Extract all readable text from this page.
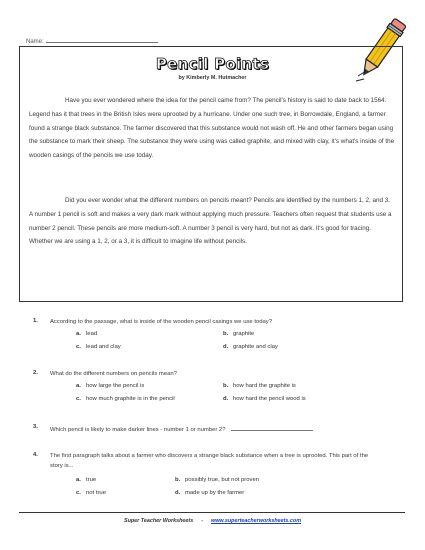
Name:
Pencil Points
by Kimberly M. Hutmacher

Have you ever wondered where the idea for the pencil came from? The pencil's history is said to date back to 1564. Legend has it that trees in the British Isles were uprooted by a hurricane. Under one such tree, in Borrowdale, England, a farmer found a strange black substance. The farmer discovered that this substance would not wash off. He and other farmers began using the substance to mark their sheep. The substance they were using was called graphite, and mixed with clay, it's what's inside of the wooden casings of the pencils we use today.

Did you ever wonder what the different numbers on pencils meant? Pencils are identified by the numbers 1, 2, and 3. A number 1 pencil is soft and makes a very dark mark without applying much pressure. Teachers often request that students use a number 2 pencil. These pencils are more medium-soft. A number 3 pencil is very hard, but not as dark. It's good for tracing. Whether we are using a 1, 2, or a 3, it is difficult to imagine life without pencils.

1. According to the passage, what is inside of the wooden pencil casings we use today?
a. lead	b. graphite
c. lead and clay	d. graphite and clay
2. What do the different numbers on pencils mean?
a. how large the pencil is	b. how hard the graphite is
c. how much graphite is in the pencil	d. how hard the pencil wood is
3. Which pencil is likely to make darker lines - number 1 or number 2?
4. The first paragraph talks about a farmer who discovers a strange black substance when a tree is uprooted. This part of the story is...
a. true	b. possibly true, but not proven
c. not true	d. made up by the farmer
Super Teacher Worksheets - www.superteacherworksheets.com
